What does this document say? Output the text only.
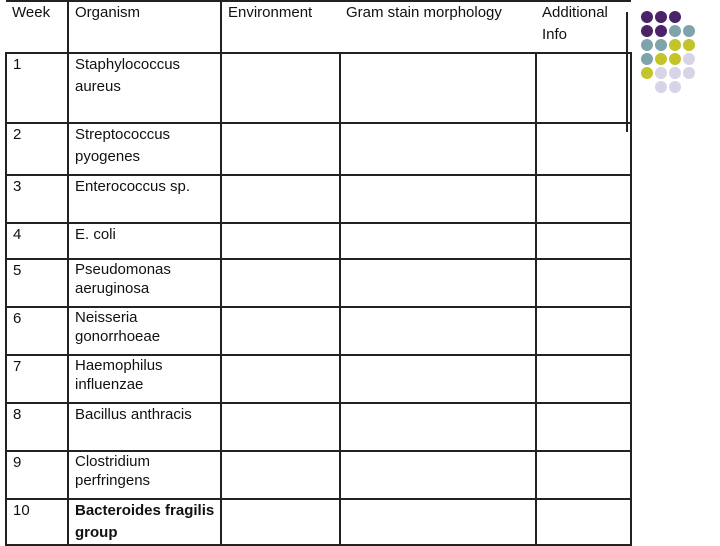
Week	Organism	Environment	Gram stain morphology	Additional Info
1	Staphylococcus aureus			
2	Streptococcus pyogenes			
3	Enterococcus sp.			
4	E. coli			
5	Pseudomonas aeruginosa			
6	Neisseria gonorrhoeae			
7	Haemophilus influenzae			
8	Bacillus anthracis			
9	Clostridium perfringens			
10	Bacteroides fragilis group			
